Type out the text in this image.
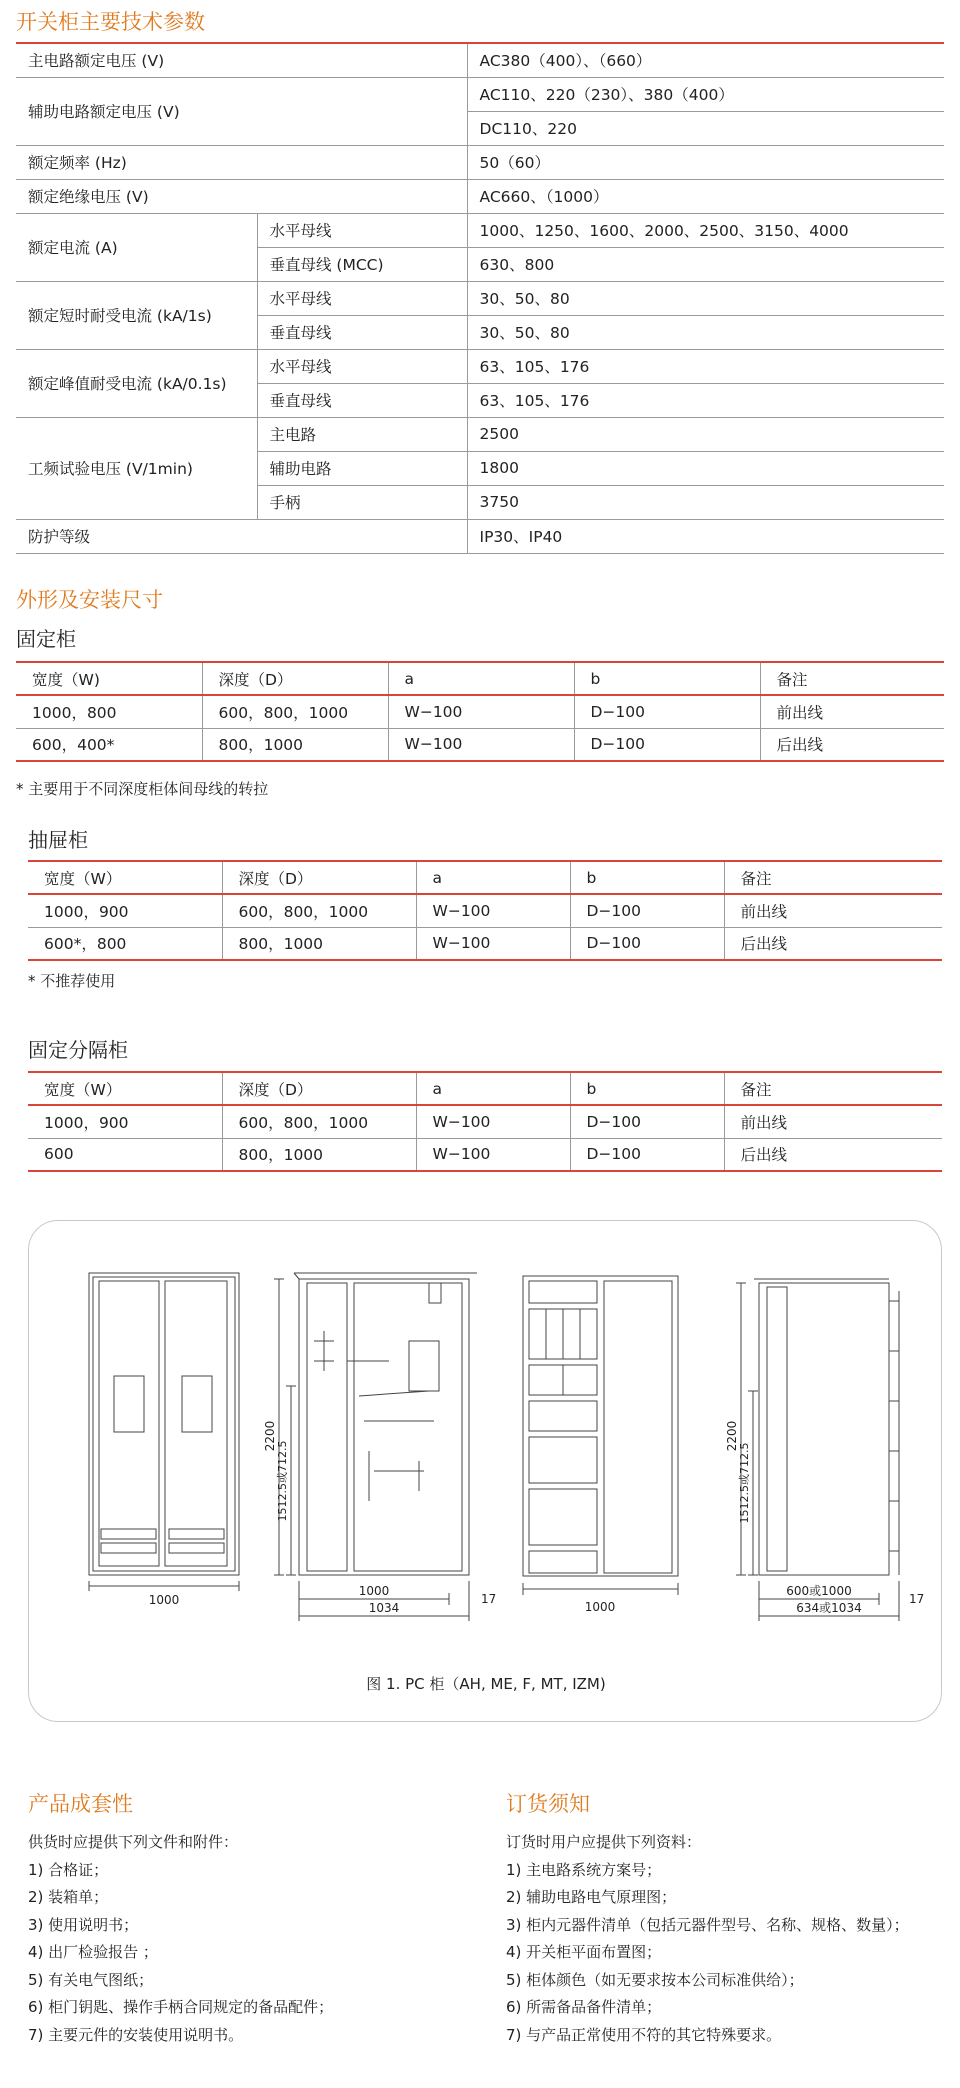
开关柜主要技术参数
主电路额定电压 (V)		AC380（400）、（660）
辅助电路额定电压 (V)		AC110、220（230）、380（400）
		DC110、220
额定频率 (Hz)		50（60）
额定绝缘电压 (V)		AC660、（1000）
额定电流 (A)	水平母线	1000、1250、1600、2000、2500、3150、4000
	垂直母线 (MCC)	630、800
额定短时耐受电流 (kA/1s)	水平母线	30、50、80
	垂直母线	30、50、80
额定峰值耐受电流 (kA/0.1s)	水平母线	63、105、176
	垂直母线	63、105、176
工频试验电压 (V/1min)	主电路	2500
	辅助电路	1800
	手柄	3750
防护等级		IP30、IP40
外形及安装尺寸
固定柜
宽度（W)	深度（D）	a	b	备注
1000，800	600，800，1000	W−100	D−100	前出线
600，400*	800，1000	W−100	D−100	后出线
* 主要用于不同深度柜体间母线的转拉
抽屉柜
宽度（W）	深度（D）	a	b	备注
1000，900	600，800，1000	W−100	D−100	前出线
600*，800	800，1000	W−100	D−100	后出线
* 不推荐使用
固定分隔柜
宽度（W）	深度（D）	a	b	备注
1000，900	600，800，1000	W−100	D−100	前出线
600	800，1000	W−100	D−100	后出线
1000
2200
1512.5或712.5
1000
17
1034	1000
2200
1512.5或712.5
600或1000
17
634或1034
图 1. PC 柜（AH, ME, F, MT, IZM)
产品成套性
供货时应提供下列文件和附件：
1) 合格证；
2) 装箱单；
3) 使用说明书；
4) 出厂检验报告 ；
5) 有关电气图纸；
6) 柜门钥匙、操作手柄合同规定的备品配件；
7) 主要元件的安装使用说明书。
订货须知
订货时用户应提供下列资料：
1) 主电路系统方案号；
2) 辅助电路电气原理图；
3) 柜内元器件清单（包括元器件型号、名称、规格、数量）；
4) 开关柜平面布置图；
5) 柜体颜色（如无要求按本公司标准供给）；
6) 所需备品备件清单；
7) 与产品正常使用不符的其它特殊要求。
